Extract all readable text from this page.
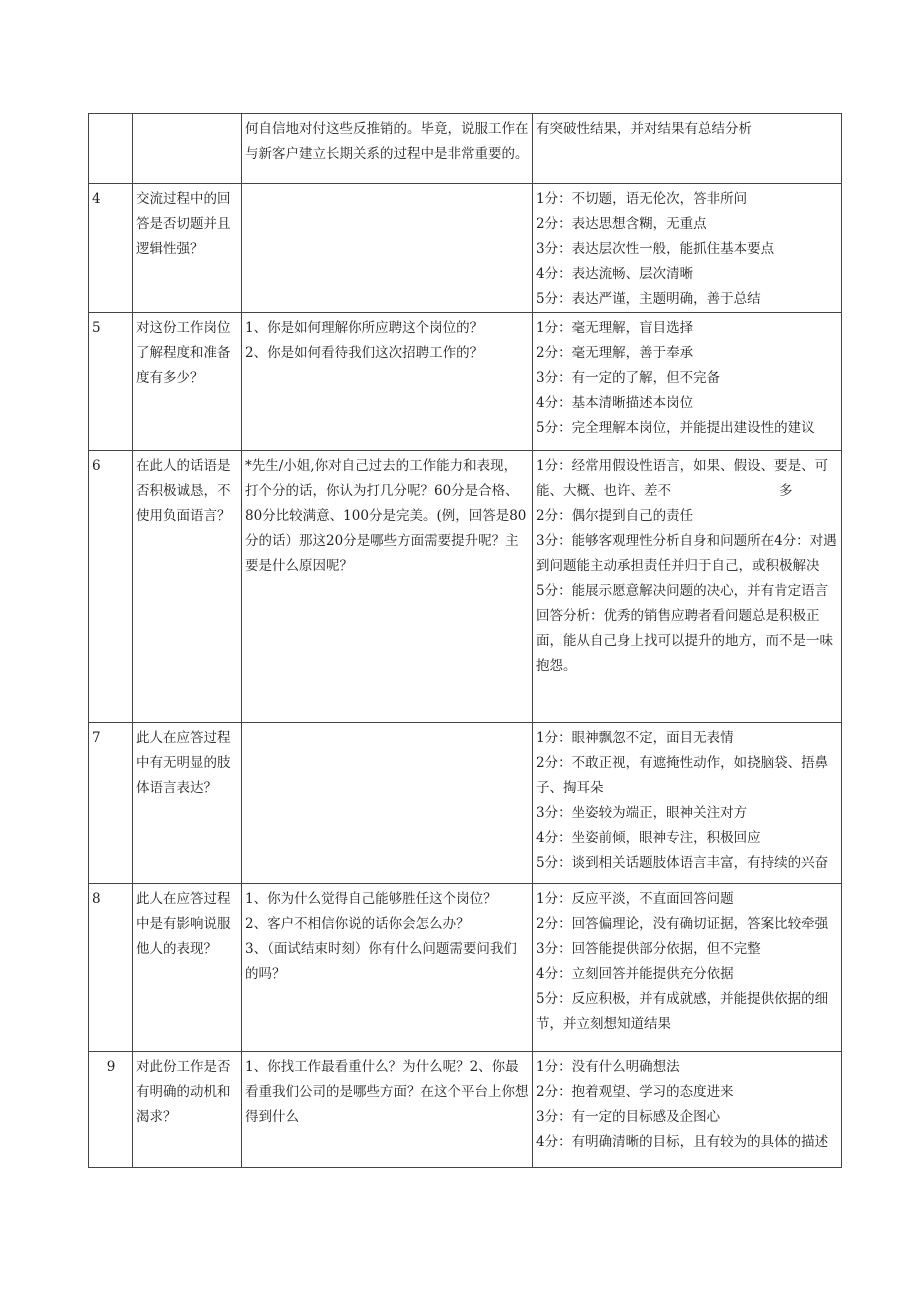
		何自信地对付这些反推销的。毕竟，说服工作在与新客户建立长期关系的过程中是非常重要的。	有突破性结果，并对结果有总结分析
4	交流过程中的回答是否切题并且逻辑性强？		1分：不切题，语无伦次，答非所问
2分：表达思想含糊，无重点
3分：表达层次性一般，能抓住基本要点
4分：表达流畅、层次清晰
5分：表达严谨，主题明确，善于总结

5	对这份工作岗位了解程度和准备度有多少？	1、你是如何理解你所应聘这个岗位的？
2、你是如何看待我们这次招聘工作的？	1分：毫无理解，盲目选择
2分：毫无理解，善于奉承
3分：有一定的了解，但不完备
4分：基本清晰描述本岗位
5分：完全理解本岗位，并能提出建设性的建议

6	在此人的话语是否积极诚恳，不使用负面语言？	*先生/小姐,你对自己过去的工作能力和表现，打个分的话，你认为打几分呢？60分是合格、80分比较满意、100分是完美。(例，回答是80分的话）那这20分是哪些方面需要提升呢？主要是什么原因呢？	1分：经常用假设性语言，如果、假设、要是、可能、大概、也许、差不　　　　　　　　多
2分：偶尔提到自己的责任
3分：能够客观理性分析自身和问题所在4分：对遇到问题能主动承担责任并归于自己，或积极解决
5分：能展示愿意解决问题的决心，并有肯定语言
回答分析：优秀的销售应聘者看问题总是积极正面，能从自己身上找可以提升的地方，而不是一味抱怨。

7	此人在应答过程中有无明显的肢体语言表达？		1分：眼神飘忽不定，面目无表情
2分：不敢正视，有遮掩性动作，如挠脑袋、捂鼻子、掏耳朵
3分：坐姿较为端正，眼神关注对方
4分：坐姿前倾，眼神专注，积极回应
5分：谈到相关话题肢体语言丰富，有持续的兴奋

8	此人在应答过程中是有影响说服他人的表现？	1、你为什么觉得自己能够胜任这个岗位？
2、客户不相信你说的话你会怎么办？
3、（面试结束时刻）你有什么问题需要问我们的吗？	1分：反应平淡，不直面回答问题
2分：回答偏理论，没有确切证据，答案比较牵强
3分：回答能提供部分依据，但不完整
4分：立刻回答并能提供充分依据
5分：反应积极，并有成就感，并能提供依据的细节，并立刻想知道结果

9	对此份工作是否有明确的动机和渴求？	1、你找工作最看重什么？为什么呢？2、你最看重我们公司的是哪些方面？在这个平台上你想得到什么	1分：没有什么明确想法
2分：抱着观望、学习的态度进来
3分：有一定的目标感及企图心
4分：有明确清晰的目标，且有较为的具体的描述
